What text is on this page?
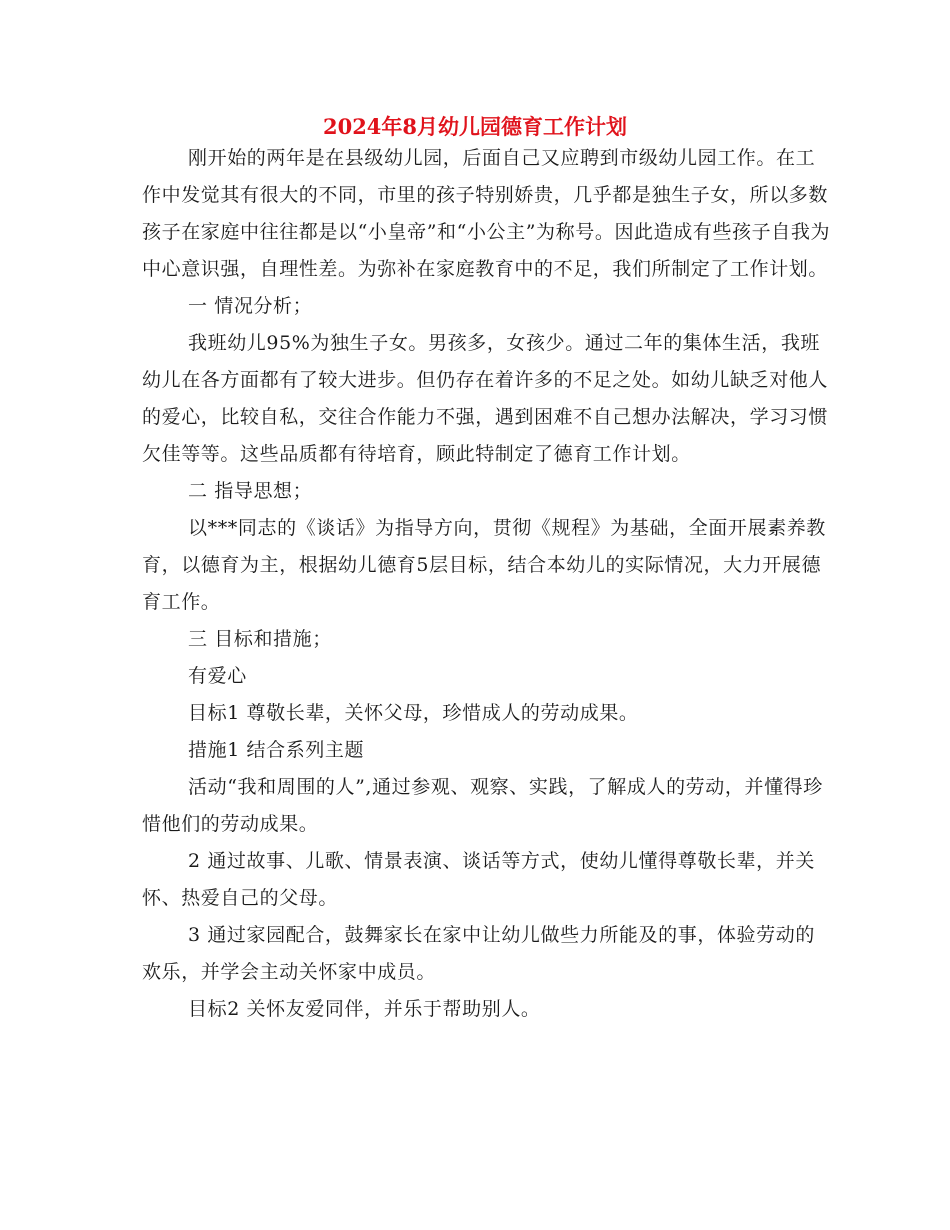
2024年8月幼儿园德育工作计划

刚开始的两年是在县级幼儿园，后面自己又应聘到市级幼儿园工作。在工作中发觉其有很大的不同，市里的孩子特别娇贵，几乎都是独生子女，所以多数孩子在家庭中往往都是以“小皇帝”和“小公主”为称号。因此造成有些孩子自我为中心意识强，自理性差。为弥补在家庭教育中的不足，我们所制定了工作计划。

一 情况分析；

我班幼儿95%为独生子女。男孩多，女孩少。通过二年的集体生活，我班幼儿在各方面都有了较大进步。但仍存在着许多的不足之处。如幼儿缺乏对他人的爱心，比较自私，交往合作能力不强，遇到困难不自己想办法解决，学习习惯欠佳等等。这些品质都有待培育，顾此特制定了德育工作计划。

二 指导思想；

以***同志的《谈话》为指导方向，贯彻《规程》为基础，全面开展素养教育，以德育为主，根据幼儿德育5层目标，结合本幼儿的实际情况，大力开展德育工作。

三 目标和措施；

有爱心

目标1 尊敬长辈，关怀父母，珍惜成人的劳动成果。

措施1 结合系列主题

活动“我和周围的人”,通过参观、观察、实践，了解成人的劳动，并懂得珍惜他们的劳动成果。

2 通过故事、儿歌、情景表演、谈话等方式，使幼儿懂得尊敬长辈，并关怀、热爱自己的父母。

3 通过家园配合，鼓舞家长在家中让幼儿做些力所能及的事，体验劳动的欢乐，并学会主动关怀家中成员。

目标2 关怀友爱同伴，并乐于帮助别人。
